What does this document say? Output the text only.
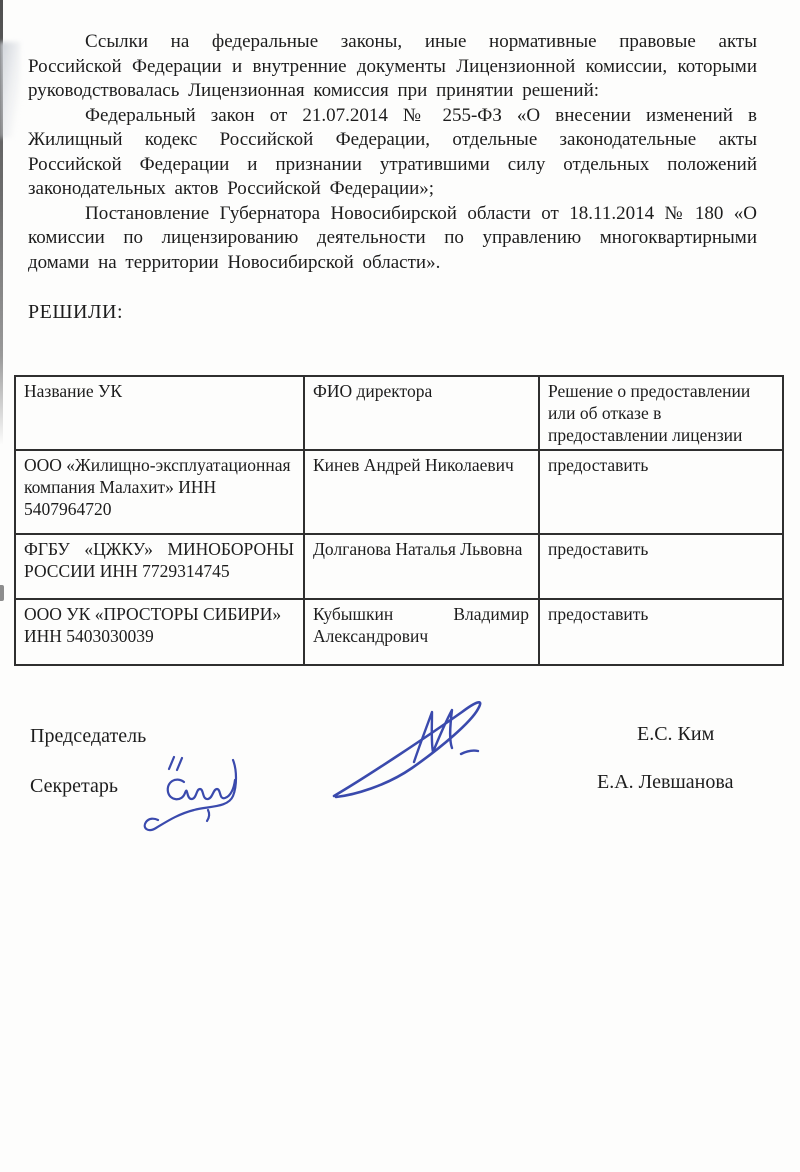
Ссылки на федеральные законы, иные нормативные правовые акты Российской Федерации и внутренние документы Лицензионной комиссии, которыми руководствовалась Лицензионная комиссия при принятии решений:

Федеральный закон от 21.07.2014 № 255-ФЗ «О внесении изменений в Жилищный кодекс Российской Федерации, отдельные законодательные акты Российской Федерации и признании утратившими силу отдельных положений законодательных актов Российской Федерации»;

Постановление Губернатора Новосибирской области от 18.11.2014 № 180 «О комиссии по лицензированию деятельности по управлению многоквартирными домами на территории Новосибирской области».

РЕШИЛИ:

Название УК	ФИО директора	Решение о предоставлении или об отказе в предоставлении лицензии
ООО «Жилищно-эксплуатационная компания Малахит» ИНН 5407964720	Кинев Андрей Николаевич	предоставить
ФГБУ «ЦЖКУ» МИНОБОРОНЫ РОССИИ ИНН 7729314745	Долганова Наталья Львовна	предоставить
ООО УК «ПРОСТОРЫ СИБИРИ» ИНН 5403030039	Кубышкин Владимир Александрович	предоставить
Председатель	Е.С. Ким
Секретарь	Е.А. Левшанова
